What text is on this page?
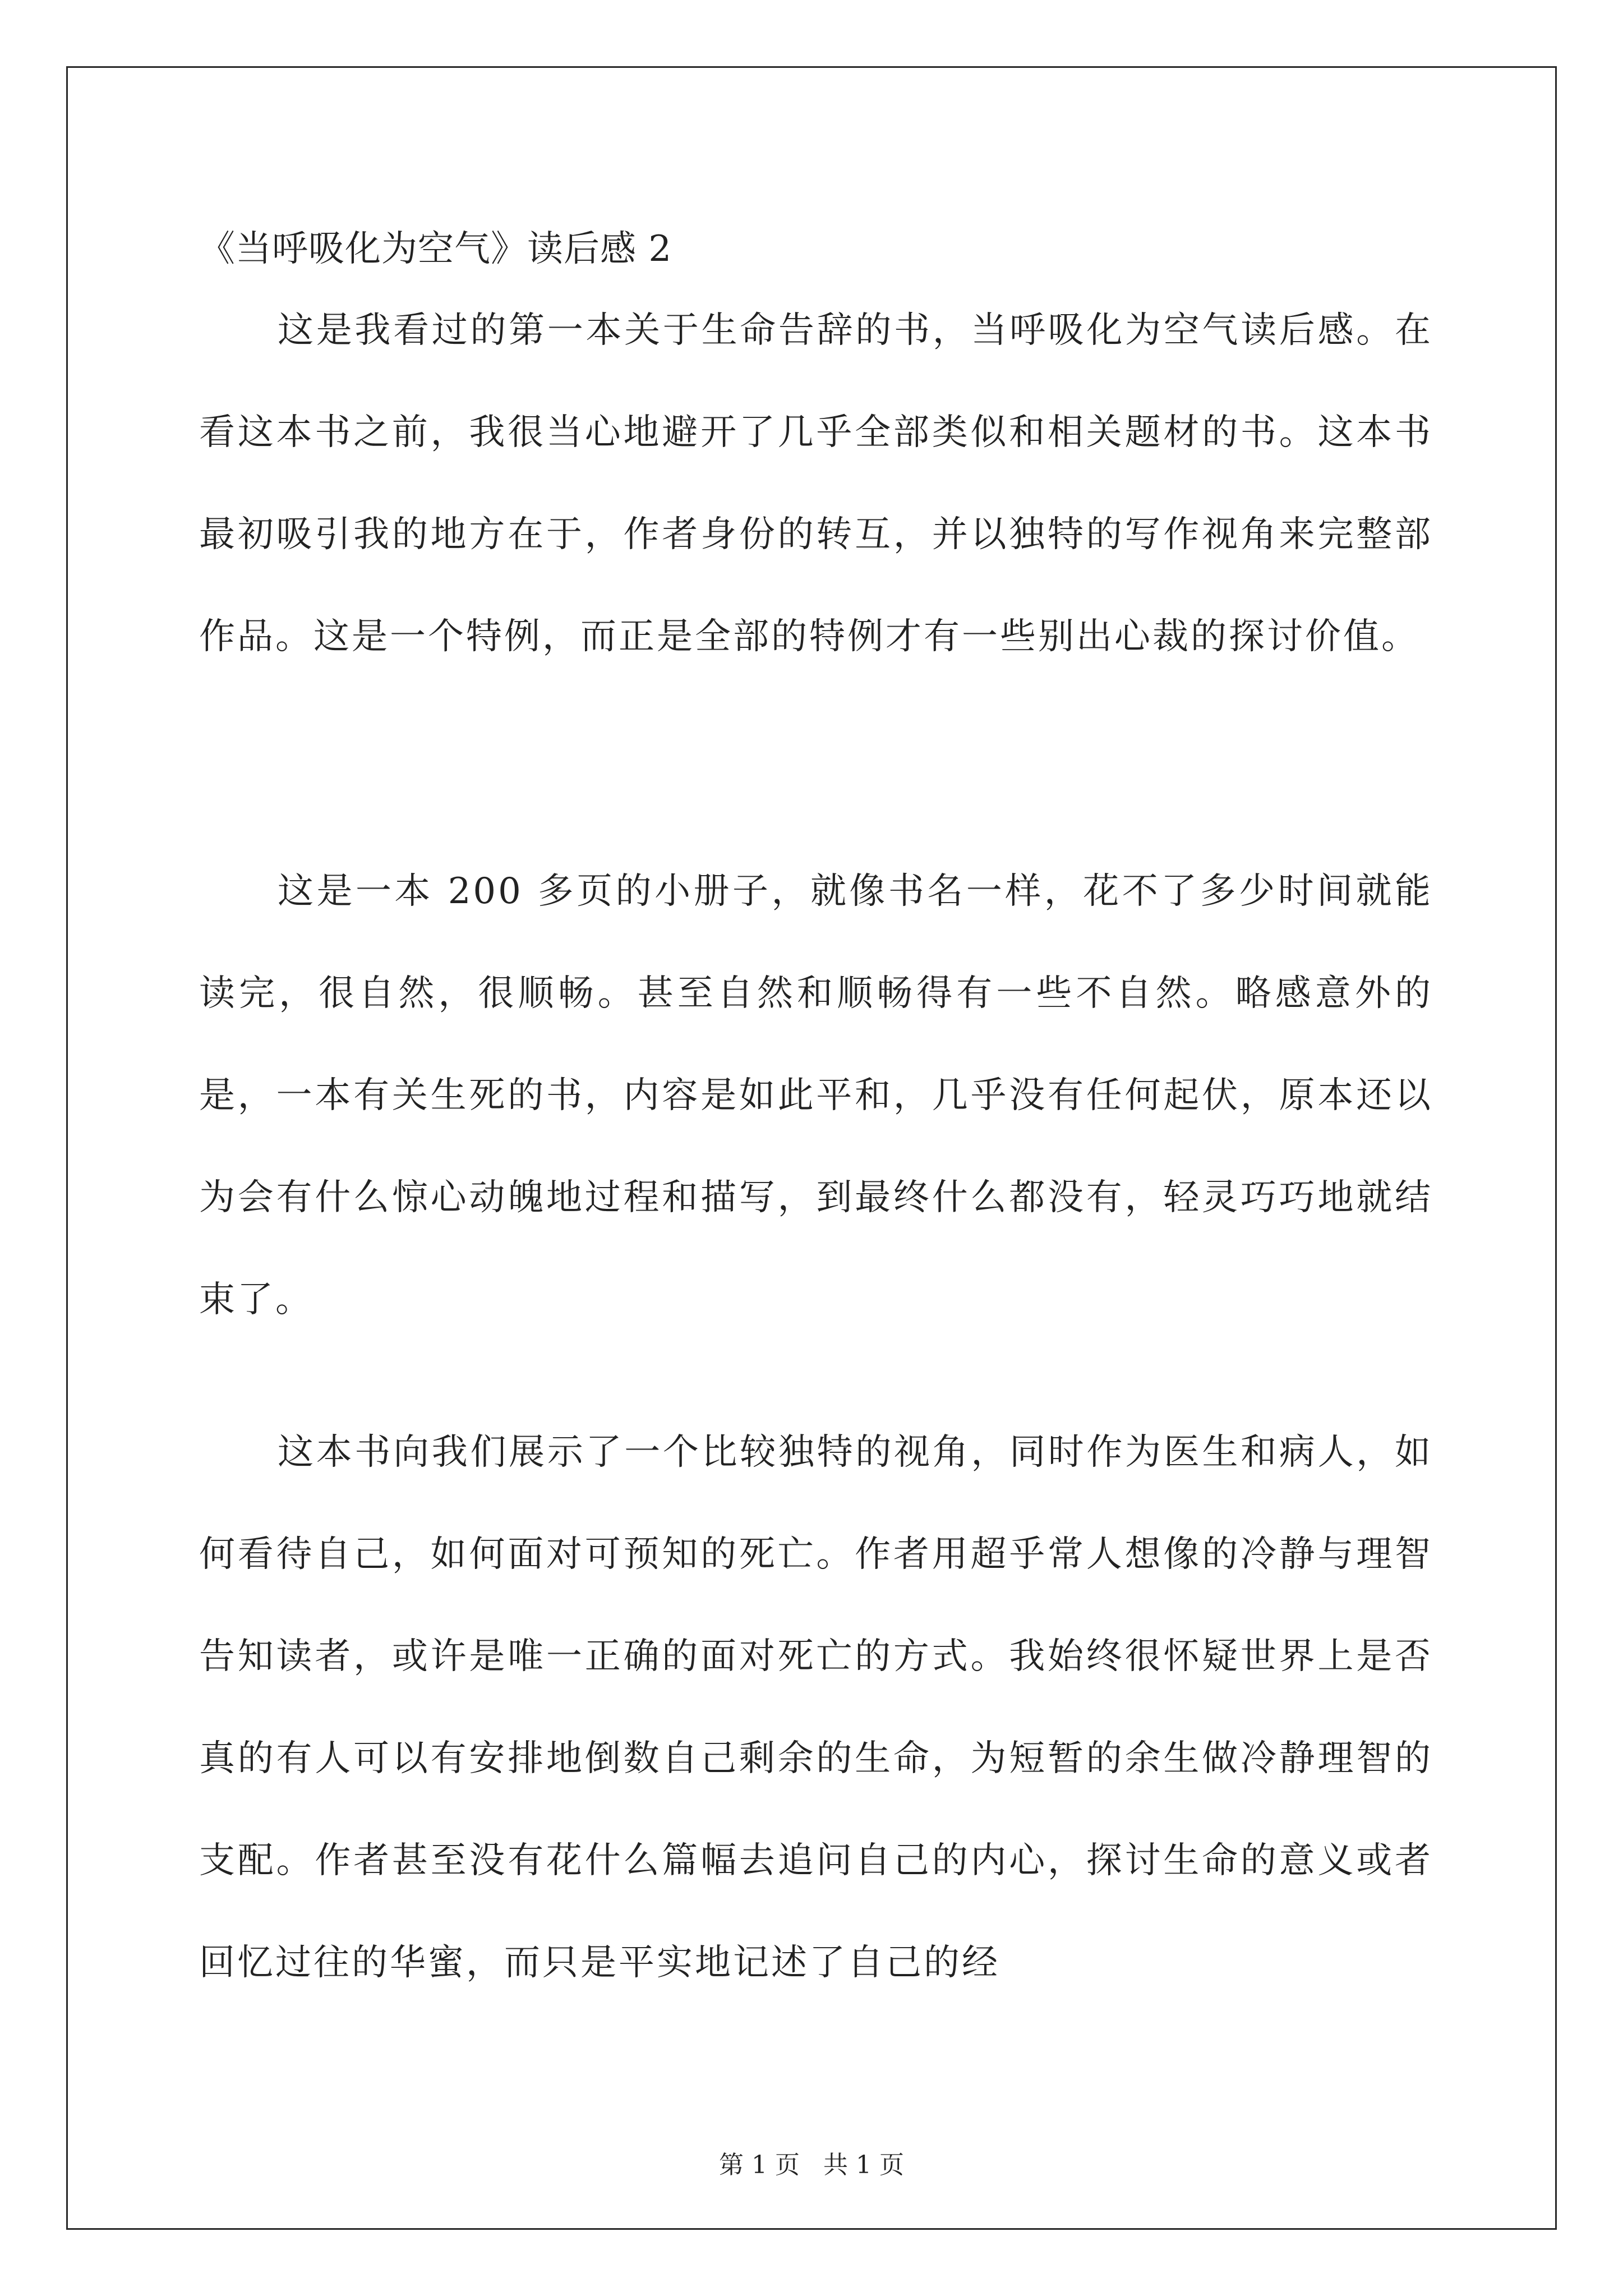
《当呼吸化为空气》读后感 2

这是我看过的第一本关于生命告辞的书，当呼吸化为空气读后感。在看这本书之前，我很当心地避开了几乎全部类似和相关题材的书。这本书最初吸引我的地方在于，作者身份的转互，并以独特的写作视角来完整部作品。这是一个特例，而正是全部的特例才有一些别出心裁的探讨价值。

这是一本 200 多页的小册子，就像书名一样，花不了多少时间就能读完，很自然，很顺畅。甚至自然和顺畅得有一些不自然。略感意外的是，一本有关生死的书，内容是如此平和，几乎没有任何起伏，原本还以为会有什么惊心动魄地过程和描写，到最终什么都没有，轻灵巧巧地就结束了。

这本书向我们展示了一个比较独特的视角，同时作为医生和病人，如何看待自己，如何面对可预知的死亡。作者用超乎常人想像的冷静与理智告知读者，或许是唯一正确的面对死亡的方式。我始终很怀疑世界上是否真的有人可以有安排地倒数自己剩余的生命，为短暂的余生做冷静理智的支配。作者甚至没有花什么篇幅去追问自己的内心，探讨生命的意义或者回忆过往的华蜜，而只是平实地记述了自己的经

第 1 页   共 1 页
